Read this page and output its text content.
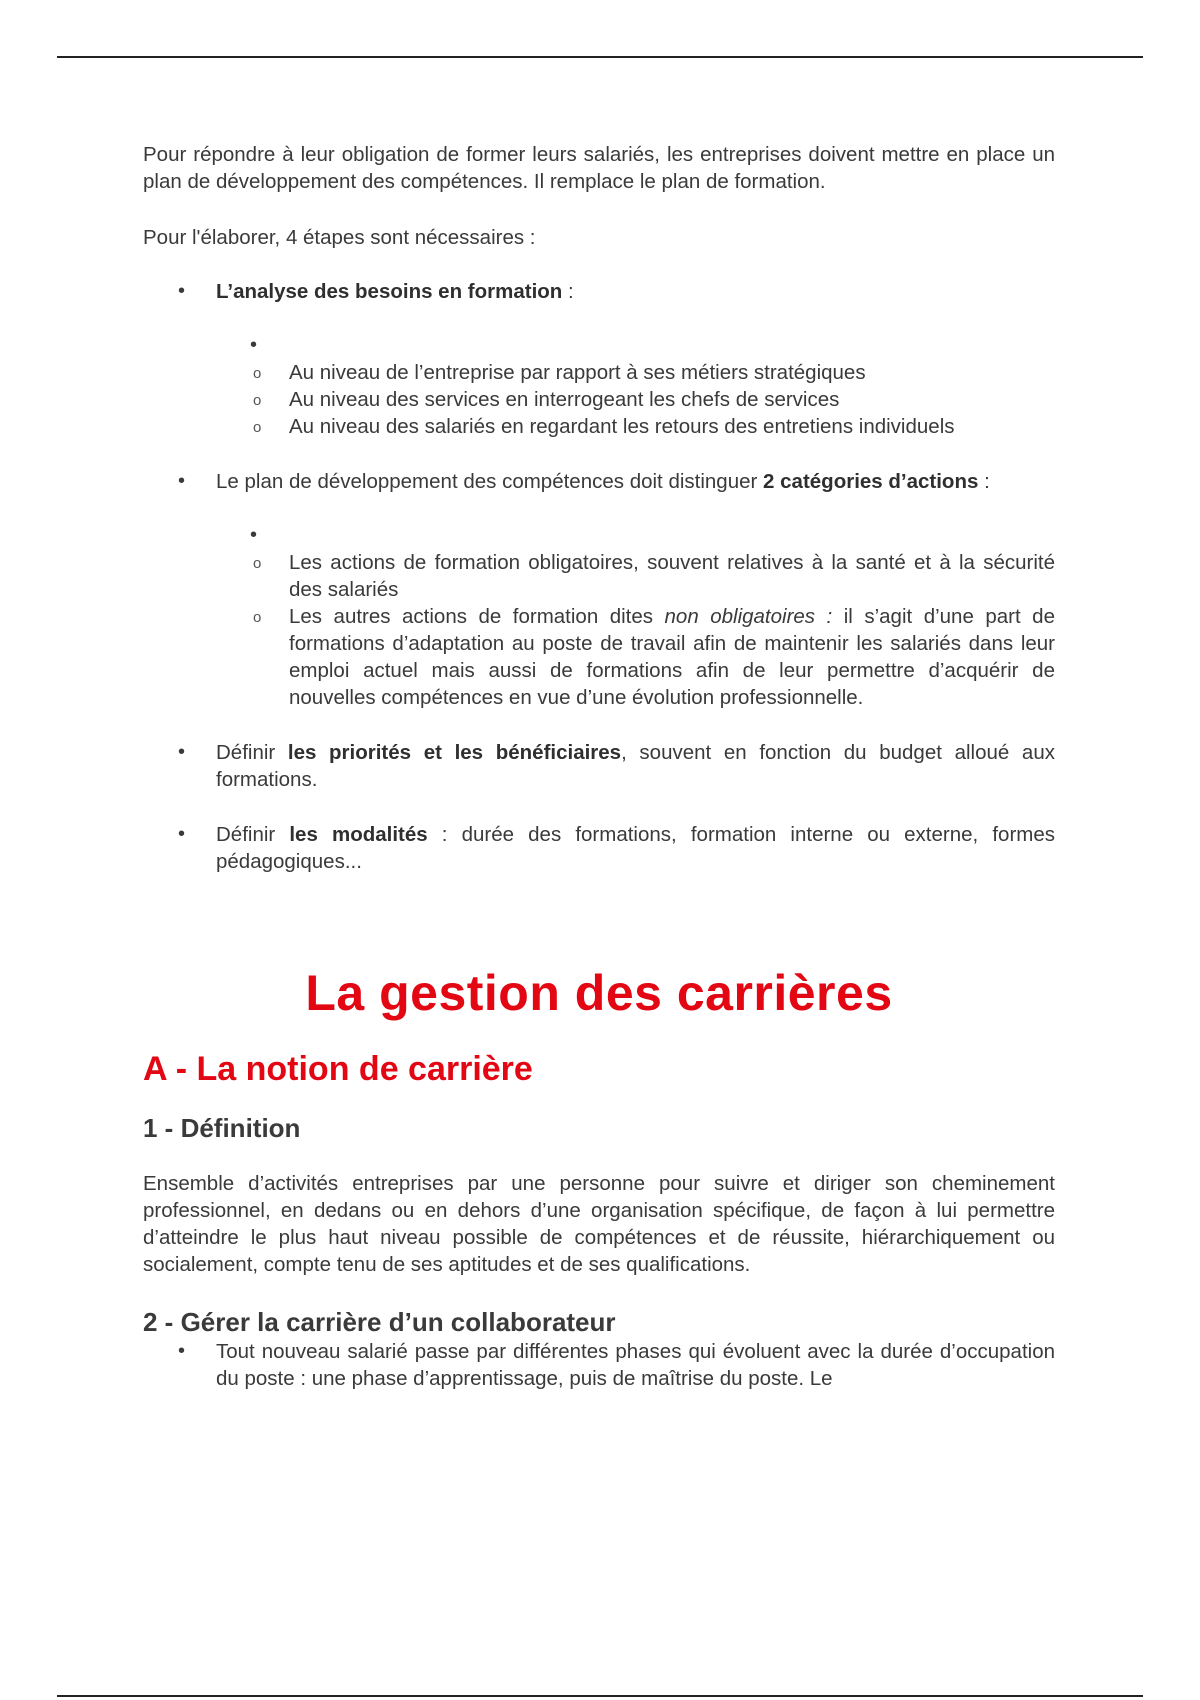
Pour répondre à leur obligation de former leurs salariés, les entreprises doivent mettre en place un plan de développement des compétences. Il remplace le plan de formation.

Pour l'élaborer, 4 étapes sont nécessaires :

• L’analyse des besoins en formation :
•
o Au niveau de l’entreprise par rapport à ses métiers stratégiques
o Au niveau des services en interrogeant les chefs de services
o Au niveau des salariés en regardant les retours des entretiens individuels
• Le plan de développement des compétences doit distinguer 2 catégories d’actions :
•
o Les actions de formation obligatoires, souvent relatives à la santé et à la sécurité des salariés
o Les autres actions de formation dites non obligatoires : il s’agit d’une part de formations d’adaptation au poste de travail afin de maintenir les salariés dans leur emploi actuel mais aussi de formations afin de leur permettre d’acquérir de nouvelles compétences en vue d’une évolution professionnelle.
• Définir les priorités et les bénéficiaires, souvent en fonction du budget alloué aux formations.
• Définir les modalités : durée des formations, formation interne ou externe, formes pédagogiques...
La gestion des carrières
A - La notion de carrière
1 - Définition

Ensemble d’activités entreprises par une personne pour suivre et diriger son cheminement professionnel, en dedans ou en dehors d’une organisation spécifique, de façon à lui permettre d’atteindre le plus haut niveau possible de compétences et de réussite, hiérarchiquement ou socialement, compte tenu de ses aptitudes et de ses qualifications.

2 - Gérer la carrière d’un collaborateur
• Tout nouveau salarié passe par différentes phases qui évoluent avec la durée d’occupation du poste : une phase d’apprentissage, puis de maîtrise du poste. Le
